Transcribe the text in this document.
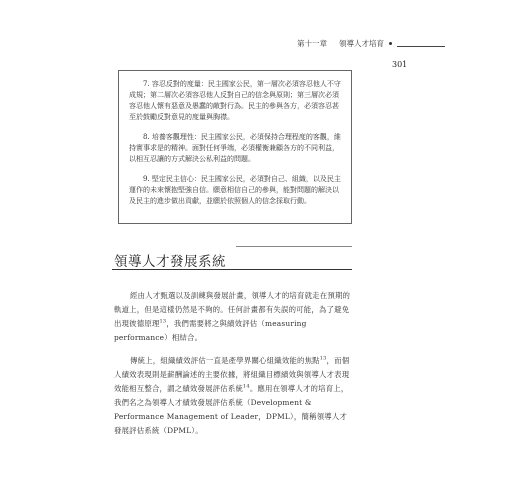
第十一章 領導人才培育
301

7. 容忍反對的度量：民主國家公民，第一層次必須容忍他人不守成規；第二層次必須容忍他人反對自己的信念與原則；第三層次必須容忍他人懷有惡意及愚蠢的敵對行為。民主的參與各方，必須容忍甚至於鼓勵反對意見的度量與胸襟。

8. 培養客觀理性：民主國家公民，必須保持合理程度的客觀，維持實事求是的精神。面對任何爭端，必須權衡兼顧各方的不同利益，以相互忍讓的方式解決公私利益的問題。

9. 堅定民主信心：民主國家公民，必須對自己、組織，以及民主運作的未來懷抱堅強自信。願意相信自己的參與，能對問題的解決以及民主的進步做出貢獻，並願於依照個人的信念採取行動。

領導人才發展系統

經由人才甄選以及訓練與發展計畫，領導人才的培育就走在預期的軌道上，但是這樣仍然是不夠的。任何計畫都有失誤的可能，為了避免出現彼德原理$^{13}$，我們需要將之與績效評估（measuring performance）相結合。

傳統上，組織績效評估一直是產學界關心組織效能的焦點$^{13}$，而個人績效表現則是薪酬論述的主要依據，將組織目標績效與領導人才表現效能相互整合，謂之績效發展評估系統$^{14}$。應用在領導人才的培育上，我們名之為領導人才績效發展評估系統（Development & Performance Management of Leader，DPML），簡稱領導人才發展評估系統（DPML）。
